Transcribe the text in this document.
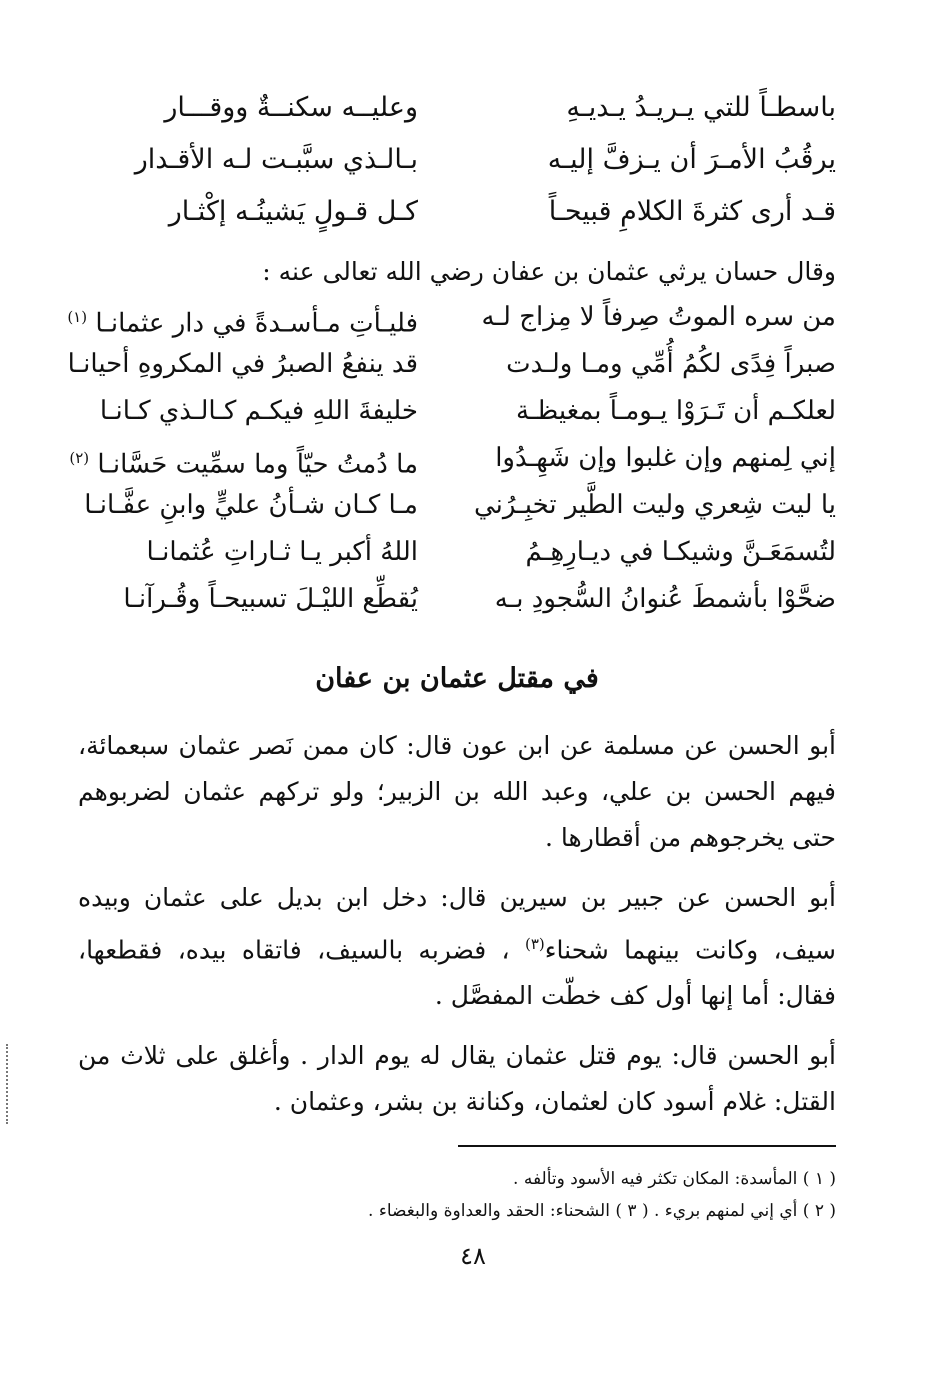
باسطـاً للتي يـريـدُ يـديـهِ
وعليــه سكنــةٌ ووقـــار
يرقُبُ الأمـرَ أن يـزفَّ إليـه
بـالـذي سبَّبـت لـه الأقـدار
قـد أرى كثرةَ الكلامِ قبيحـاً
كـل قـولٍ يَشينُـه إكْثـار
وقال حسان يرثي عثمان بن عفان رضي الله تعالى عنه :
من سره الموتُ صِرفاً لا مِزاج لـه
فليـأتِ مـأسـدةً في دار عثمانـا $^{(١)}$
صبراً فِدًى لكُمُ أُمِّي ومـا ولـدت
قد ينفعُ الصبرُ في المكروهِ أحيانـا
لعلكـم أن تَـرَوْا يـومـاً بمغيظـة
خليفةَ اللهِ فيكـم كـالـذي كـانـا
إني لِمنهم وإن غلبوا وإن شَهِـدُوا
ما دُمتُ حيّاً وما سمِّيت حَسَّانـا $^{(٢)}$
يا ليت شِعري وليت الطَّير تخبِـرُني
مـا كـان شـأنُ عليٍّ وابنِ عفَّـانـا
لتُسمَعَـنَّ وشيكـا في ديـارِهِـمُ
اللهُ أكبر يـا ثـاراتِ عُثمانـا
ضحَّوْا بأشمطَ عُنوانُ السُّجودِ بـه
يُقطِّع الليْـلَ تسبيحـاً وقُـرآنـا
في مقتل عثمان بن عفان

أبو الحسن عن مسلمة عن ابن عون قال: كان ممن نَصر عثمان سبعمائة، فيهم الحسن بن علي، وعبد الله بن الزبير؛ ولو تركهم عثمان لضربوهم حتى يخرجوهم من أقطارها .

أبو الحسن عن جبير بن سيرين قال: دخل ابن بديل على عثمان وبيده سيف، وكانت بينهما شحناء$^{(٣)}$ ، فضربه بالسيف، فاتقاه بيده، فقطعها، فقال: أما إنها أول كف خطّت المفصَّل .

أبو الحسن قال: يوم قتل عثمان يقال له يوم الدار . وأغلق على ثلاث من القتل: غلام أسود كان لعثمان، وكنانة بن بشر، وعثمان .

( ١ ) المأسدة: المكان تكثر فيه الأسود وتألفه .
( ٢ ) أي إني لمنهم بريء . ( ٣ ) الشحناء: الحقد والعداوة والبغضاء .
٤٨
